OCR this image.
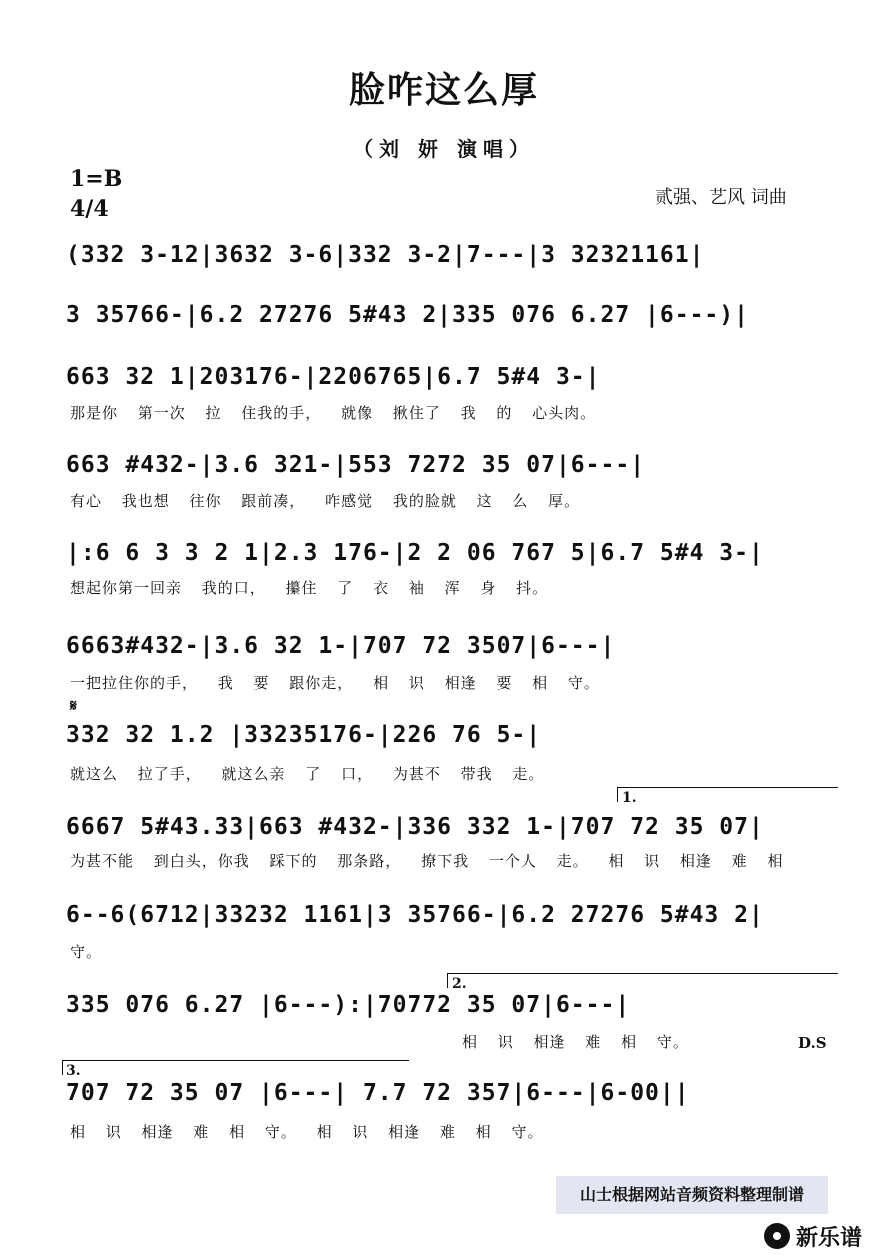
脸咋这么厚
（刘 妍 演唱）
1=B
4/4	贰强、艺风 词曲
(332 3-12|3632 3-6|332 3-2|7---|3 32321161|
3 35766-|6.2 27276 5#43 2|335 076 6.27 |6---)|
663 32 1|203176-|2206765|6.7 5#4 3-|
那是你 第一次 拉 住我的手， 就像 揪住了 我 的 心头肉。
663 #432-|3.6 321-|553 7272 35 07|6---|
有心 我也想 往你 跟前凑， 咋感觉 我的脸就 这 么 厚。
|:6 6 3 3 2 1|2.3 176-|2 2 06 767 5|6.7 5#4 3-|
想起你第一回亲 我的口， 攥住 了 衣 袖 浑 身 抖。
6663#432-|3.6 32 1-|707 72 3507|6---|
一把拉住你的手， 我 要 跟你走， 相 识 相逢 要 相 守。
𝄋
332 32 1.2 |33235176-|226 76 5-|
就这么 拉了手， 就这么亲 了 口， 为甚不 带我 走。
1.
6667 5#43.33|663 #432-|336 332 1-|707 72 35 07|
为甚不能 到白头，你我 踩下的 那条路， 撩下我 一个人 走。 相 识 相逢 难 相
6--6(6712|33232 1161|3 35766-|6.2 27276 5#43 2|
守。
2.
335 076 6.27 |6---):|70772 35 07|6---|
相 识 相逢 难 相 守。	D.S
3.
707 72 35 07 |6---| 7.7 72 357|6---|6-00||
相 识 相逢 难 相 守。 相 识 相逢 难 相 守。
山士根据网站音频资料整理制谱
新乐谱
